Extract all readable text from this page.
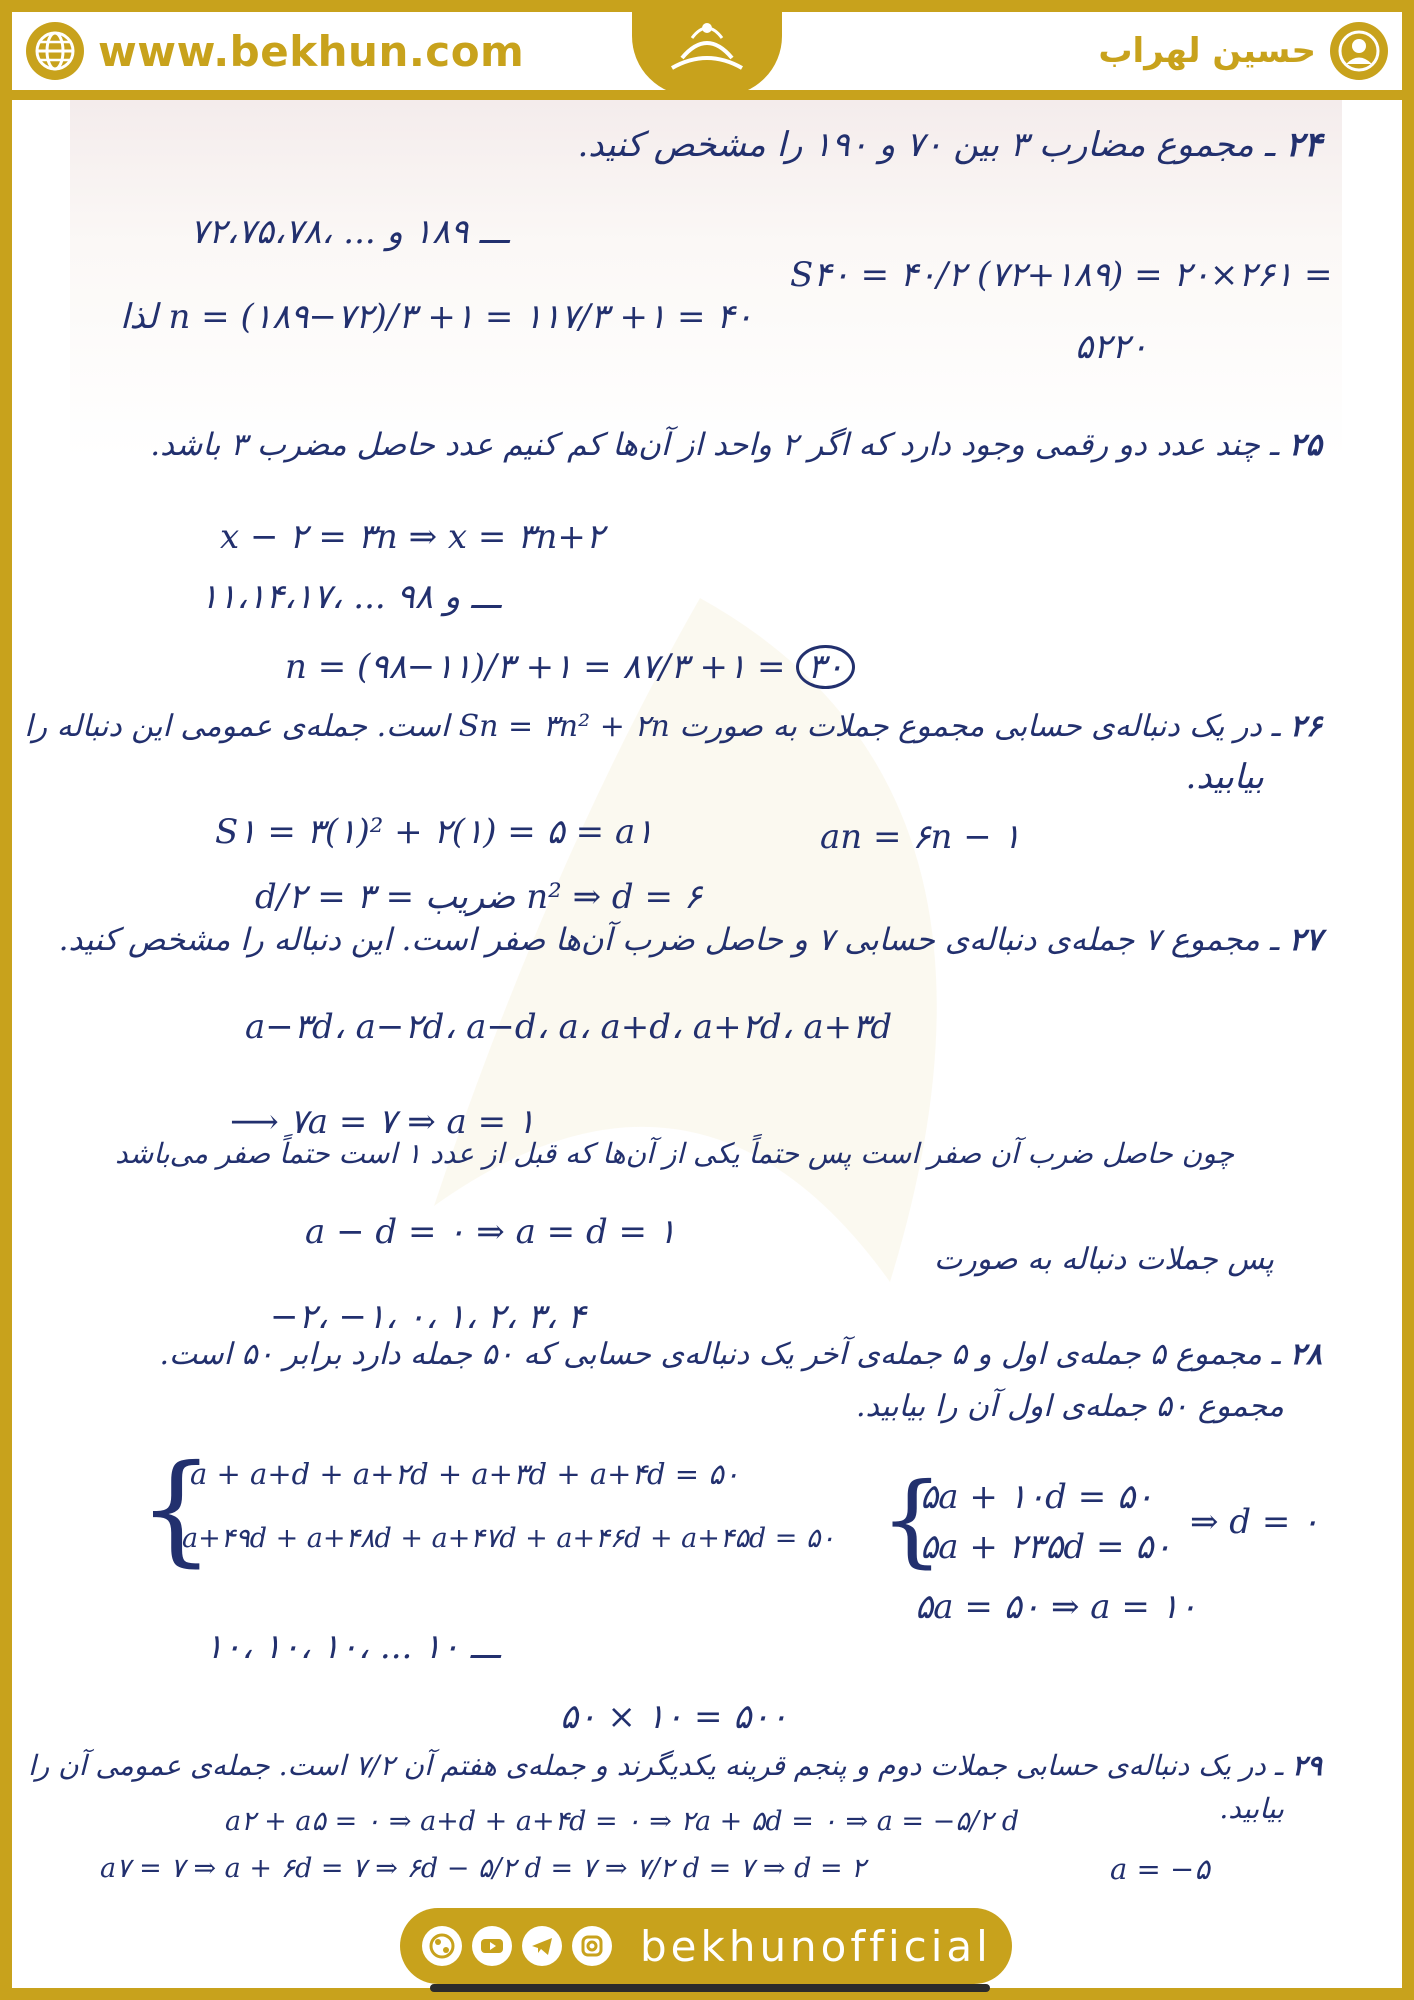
www.bekhun.com	حسین لهراب
۲۴ ـ مجموع مضارب ۳ بین ۷۰ و ۱۹۰ را مشخص کنید.
۷۲،۷۵،۷۸، ... ـــ ۱۸۹ و
لذا n = (۱۸۹−۷۲)/۳ +۱ = ۱۱۷/۳ +۱ = ۴۰
S۴۰ = ۴۰/۲ (۷۲+۱۸۹) = ۲۰×۲۶۱ =
۵۲۲۰
۲۵ ـ چند عدد دو رقمی وجود دارد که اگر ۲ واحد از آن‌ها کم کنیم عدد حاصل مضرب ۳ باشد.
x − ۲ = ۳n ⇒ x = ۳n+۲
۱۱،۱۴،۱۷، ... ـــ و ۹۸
n = (۹۸−۱۱)/۳ +۱ = ۸۷/۳ +۱ = ۳۰
۲۶ ـ در یک دنباله‌ی حسابی مجموع جملات به صورت Sn = ۳n² + ۲n است. جمله‌ی عمومی این دنباله را
بیابید.
S۱ = ۳(۱)² + ۲(۱) = ۵ = a۱	an = ۶n − ۱
d/۲ = ۳ = ضریب n² ⇒ d = ۶
۲۷ ـ مجموع ۷ جمله‌ی دنباله‌ی حسابی ۷ و حاصل ضرب آن‌ها صفر است. این دنباله را مشخص کنید.
a−۳d، a−۲d، a−d، a، a+d، a+۲d، a+۳d
⟶ ۷a = ۷ ⇒ a = ۱
چون حاصل ضرب آن صفر است پس حتماً یکی از آن‌ها که قبل از عدد ۱ است حتماً صفر می‌باشد
a − d = ۰ ⇒ a = d = ۱
پس جملات دنباله به صورت
−۲، −۱، ۰، ۱، ۲، ۳، ۴
۲۸ ـ مجموع ۵ جمله‌ی اول و ۵ جمله‌ی آخر یک دنباله‌ی حسابی که ۵۰ جمله دارد برابر ۵۰ است.
مجموع ۵۰ جمله‌ی اول آن را بیابید.
{
a + a+d + a+۲d + a+۳d + a+۴d = ۵۰
a+۴۹d + a+۴۸d + a+۴۷d + a+۴۶d + a+۴۵d = ۵۰ {
۵a + ۱۰d = ۵۰
۵a + ۲۳۵d = ۵۰
⇒ d = ۰
۵a = ۵۰ ⇒ a = ۱۰
۱۰، ۱۰، ۱۰، ... ـــ ۱۰
۵۰ × ۱۰ = ۵۰۰
۲۹ ـ در یک دنباله‌ی حسابی جملات دوم و پنجم قرینه یکدیگرند و جمله‌ی هفتم آن ۷/۲ است. جمله‌ی عمومی آن را
بیابید.
a۲ + a۵ = ۰ ⇒ a+d + a+۴d = ۰ ⇒ ۲a + ۵d = ۰ ⇒ a = −۵/۲ d
a۷ = ۷ ⇒ a + ۶d = ۷ ⇒ ۶d − ۵/۲ d = ۷ ⇒ ۷/۲ d = ۷ ⇒ d = ۲	a = −۵
bekhunofficial
